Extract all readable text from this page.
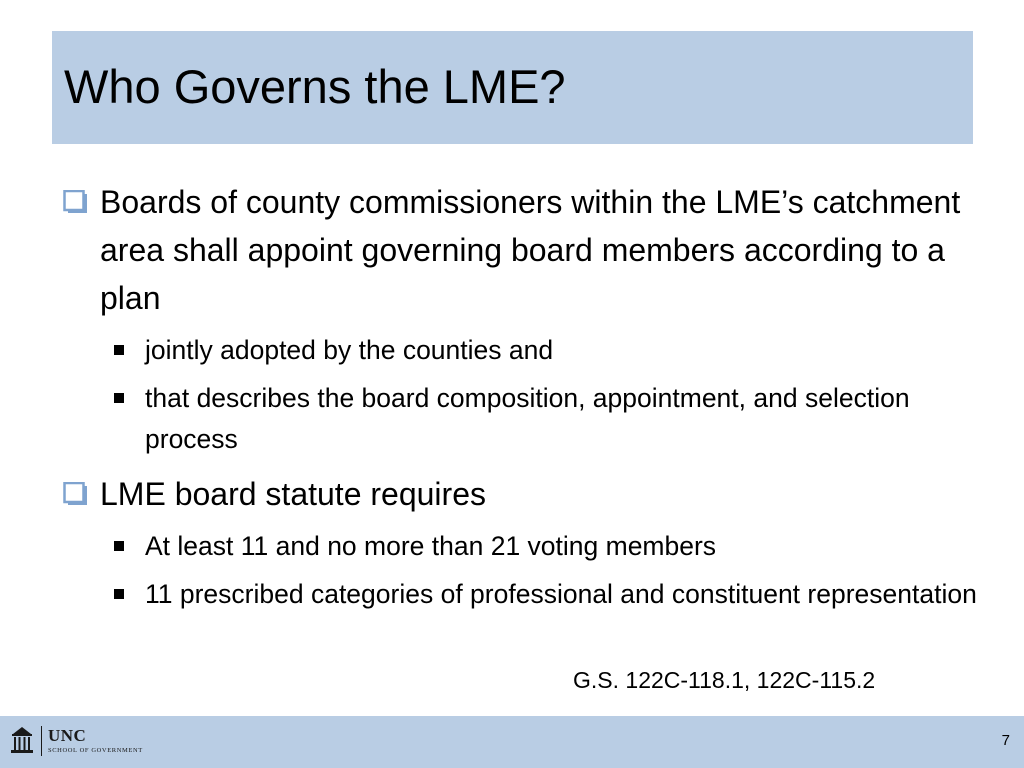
Who Governs the LME?
Boards of county commissioners within the LME’s catchment area shall appoint governing board members according to a plan
jointly adopted by the counties and
that describes the board composition, appointment, and selection process
LME board statute requires
At least 11 and no more than 21 voting members
11 prescribed categories of professional and constituent representation
G.S. 122C-118.1, 122C-115.2
UNC
SCHOOL OF GOVERNMENT
7
